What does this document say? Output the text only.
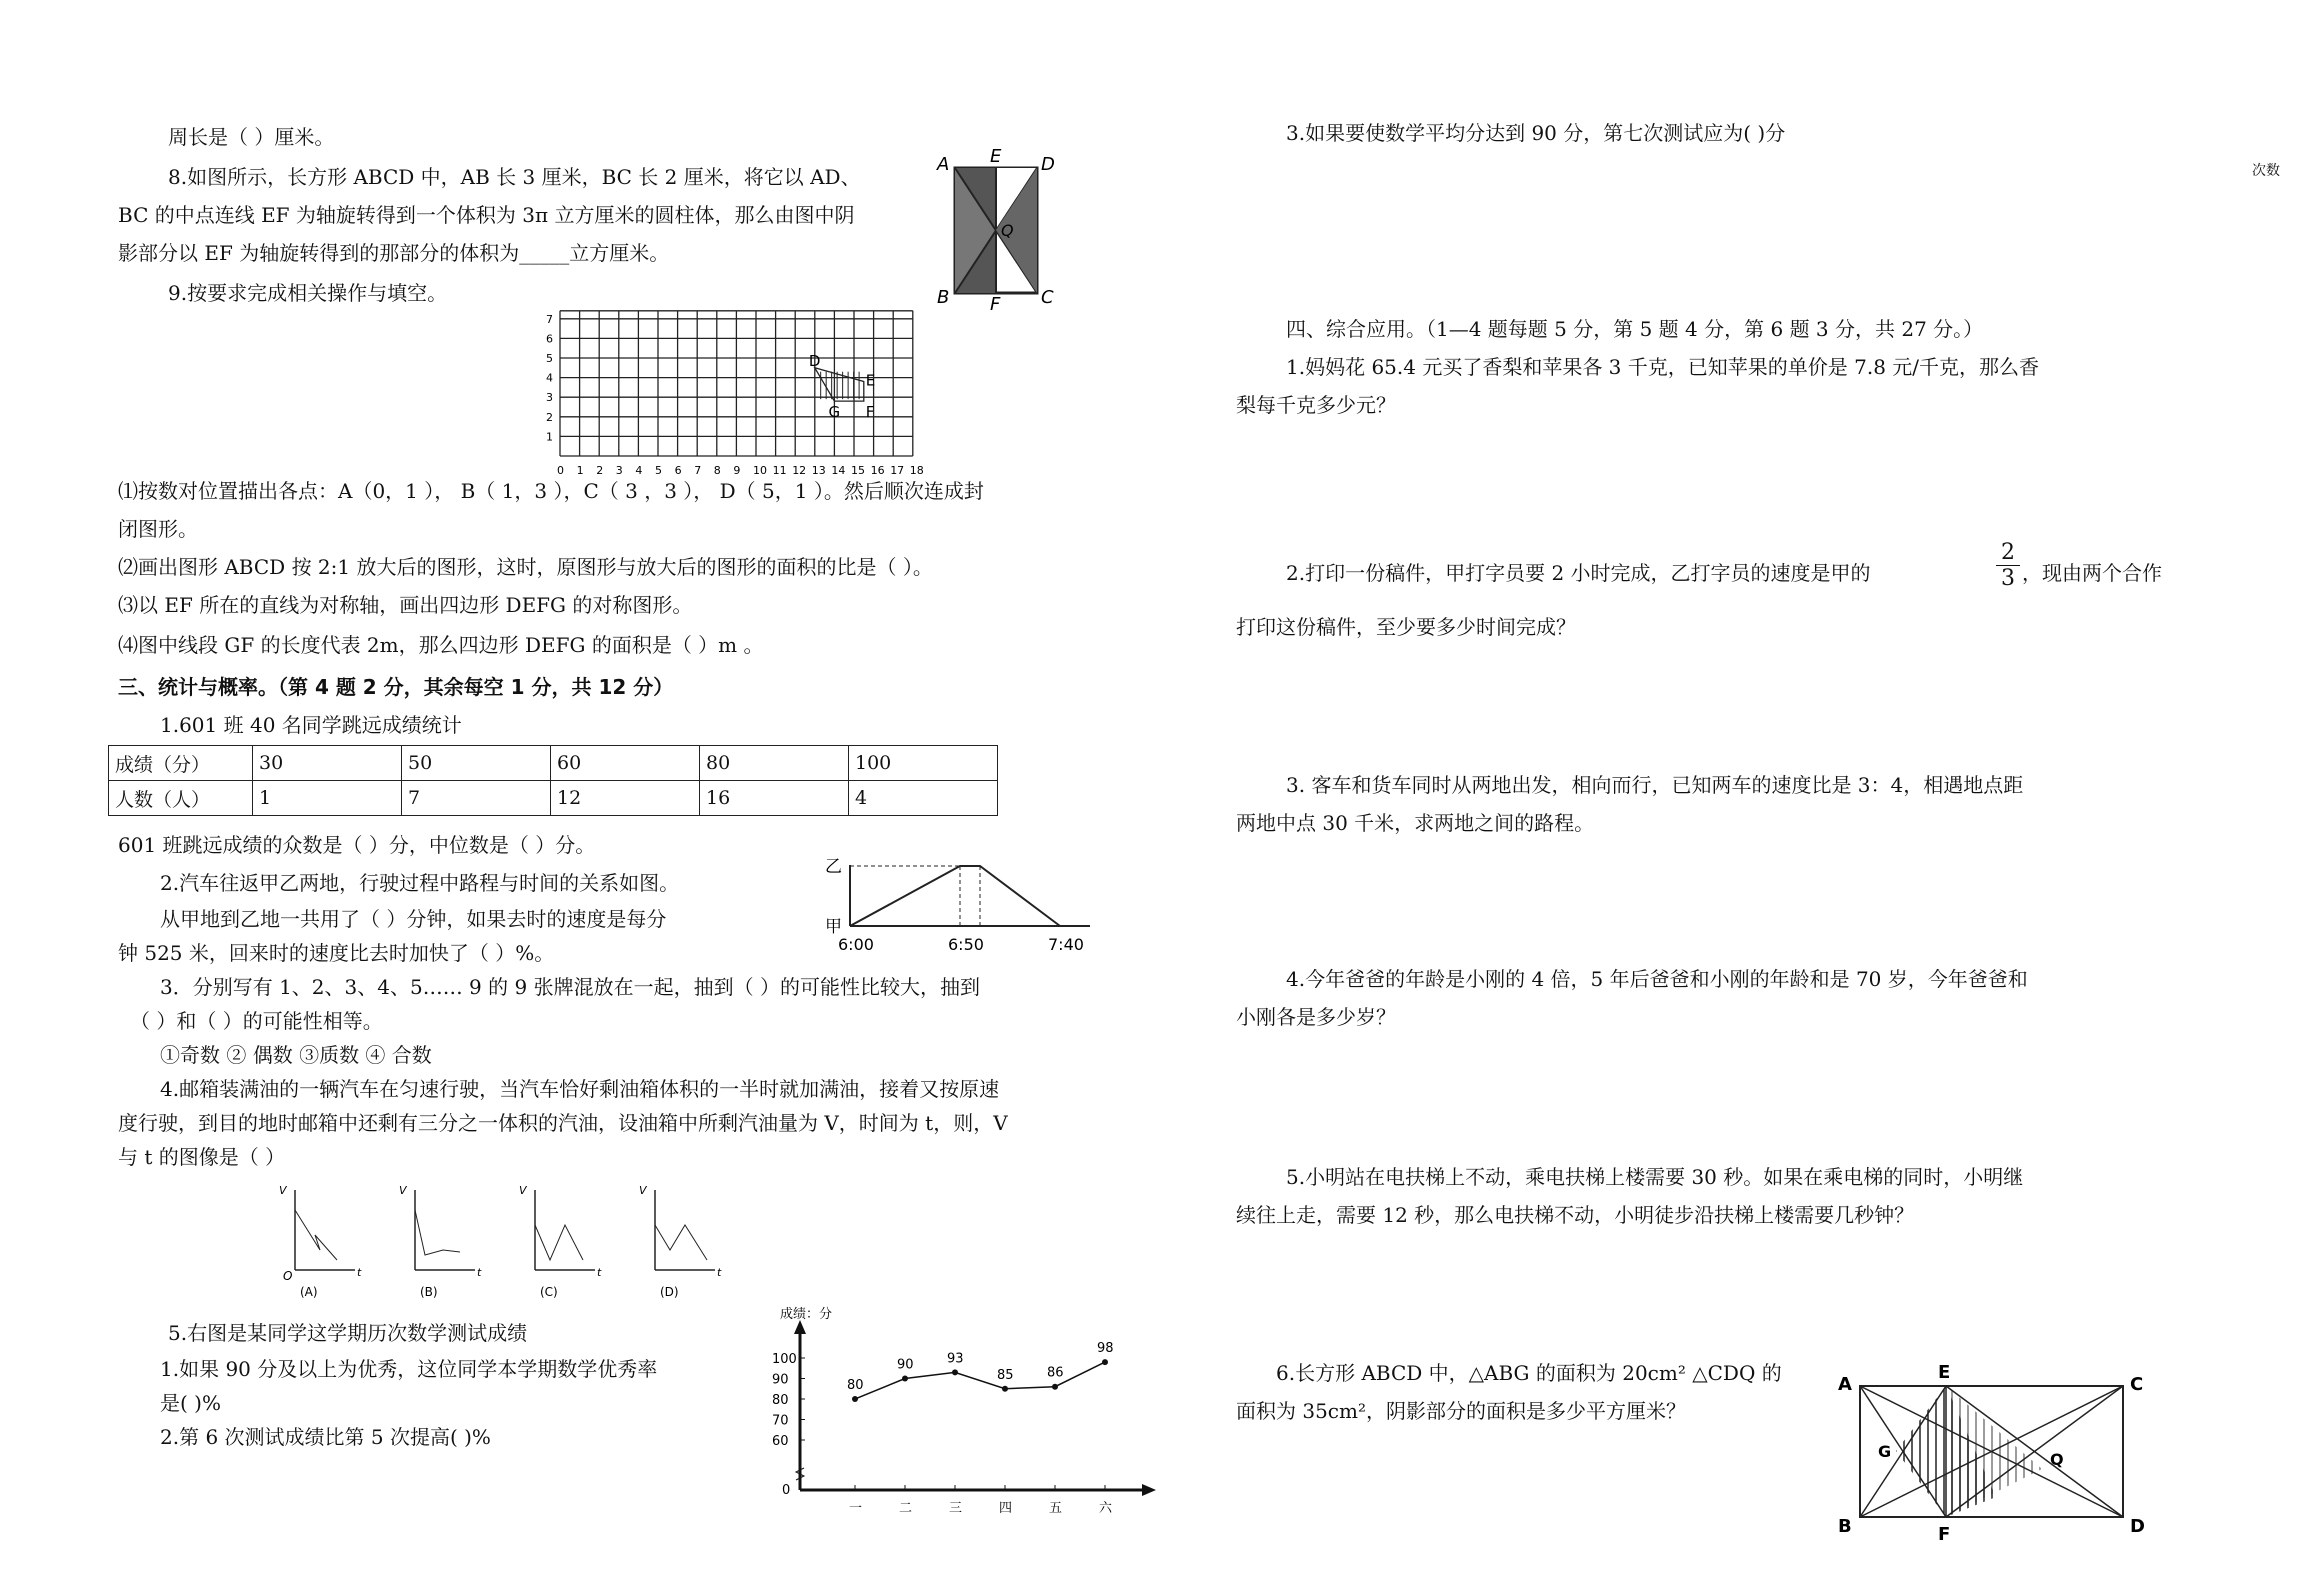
周长是（ ）厘米。
8.如图所示，长方形 ABCD 中，AB 长 3 厘米，BC 长 2 厘米，将它以 AD、
BC 的中点连线 EF 为轴旋转得到一个体积为 3π 立方厘米的圆柱体，那么由图中阴
影部分以 EF 为轴旋转得到的那部分的体积为_____立方厘米。
A E D
Q
B F C
9.按要求完成相关操作与填空。
0 1 2 3 4 5 6 7 8 9 10 11 12 13 14 15 16 17 18
7
6
5
4
3
2
1
D
E
G F
⑴按数对位置描出各点：A（0，1 ）， B（ 1，3 ），C（ 3 ，3 ）， D（ 5，1 ）。然后顺次连成封
闭图形。
⑵画出图形 ABCD 按 2:1 放大后的图形，这时，原图形与放大后的图形的面积的比是（ ）。
⑶以 EF 所在的直线为对称轴，画出四边形 DEFG 的对称图形。
⑷图中线段 GF 的长度代表 2m，那么四边形 DEFG 的面积是（ ）m 。
三、统计与概率。（第 4 题 2 分，其余每空 1 分，共 12 分）
1.601 班 40 名同学跳远成绩统计
成绩（分）	30	50	60	80	100
人数（人）	1	7	12	16	4
601 班跳远成绩的众数是（ ）分，中位数是（ ）分。
2.汽车往返甲乙两地，行驶过程中路程与时间的关系如图。
从甲地到乙地一共用了（ ）分钟，如果去时的速度是每分
钟 525 米，回来时的速度比去时加快了（ ）%。
乙
甲
6:00	6:50	7:40
3．分别写有 1、2、3、4、5…… 9 的 9 张牌混放在一起，抽到（ ）的可能性比较大，抽到
（ ）和（ ）的可能性相等。
①奇数 ② 偶数 ③质数 ④ 合数
4.邮箱装满油的一辆汽车在匀速行驶，当汽车恰好剩油箱体积的一半时就加满油，接着又按原速
度行驶，到目的地时邮箱中还剩有三分之一体积的汽油，设油箱中所剩汽油量为 V，时间为 t，则，V
与 t 的图像是（ ）
V
O	t
(A)
V
t
(B)
V
t
(C)
V
t
(D)
5.右图是某同学这学期历次数学测试成绩
1.如果 90 分及以上为优秀，这位同学本学期数学优秀率
是( )%
2.第 6 次测试成绩比第 5 次提高( )%
成绩：分
0
60
70
80
90
100
80
90	93
85	86
98
一	二	三	四	五	六
3.如果要使数学平均分达到 90 分，第七次测试应为( )分
次数
四、综合应用。（1—4 题每题 5 分，第 5 题 4 分，第 6 题 3 分，共 27 分。）
1.妈妈花 65.4 元买了香梨和苹果各 3 千克，已知苹果的单价是 7.8 元/千克，那么香
梨每千克多少元？
2.打印一份稿件，甲打字员要 2 小时完成，乙打字员的速度是甲的	$\frac{2}{3}$ ，现由两个合作
打印这份稿件，至少要多少时间完成？
3. 客车和货车同时从两地出发，相向而行，已知两车的速度比是 3：4，相遇地点距
两地中点 30 千米，求两地之间的路程。
4.今年爸爸的年龄是小刚的 4 倍，5 年后爸爸和小刚的年龄和是 70 岁，今年爸爸和
小刚各是多少岁？
5.小明站在电扶梯上不动，乘电扶梯上楼需要 30 秒。如果在乘电梯的同时，小明继
续往上走，需要 12 秒，那么电扶梯不动，小明徒步沿扶梯上楼需要几秒钟？
6.长方形 ABCD 中，△ABG 的面积为 20cm² △CDQ 的
面积为 35cm²，阴影部分的面积是多少平方厘米？
A
E
C
G	Q
B	F	D
